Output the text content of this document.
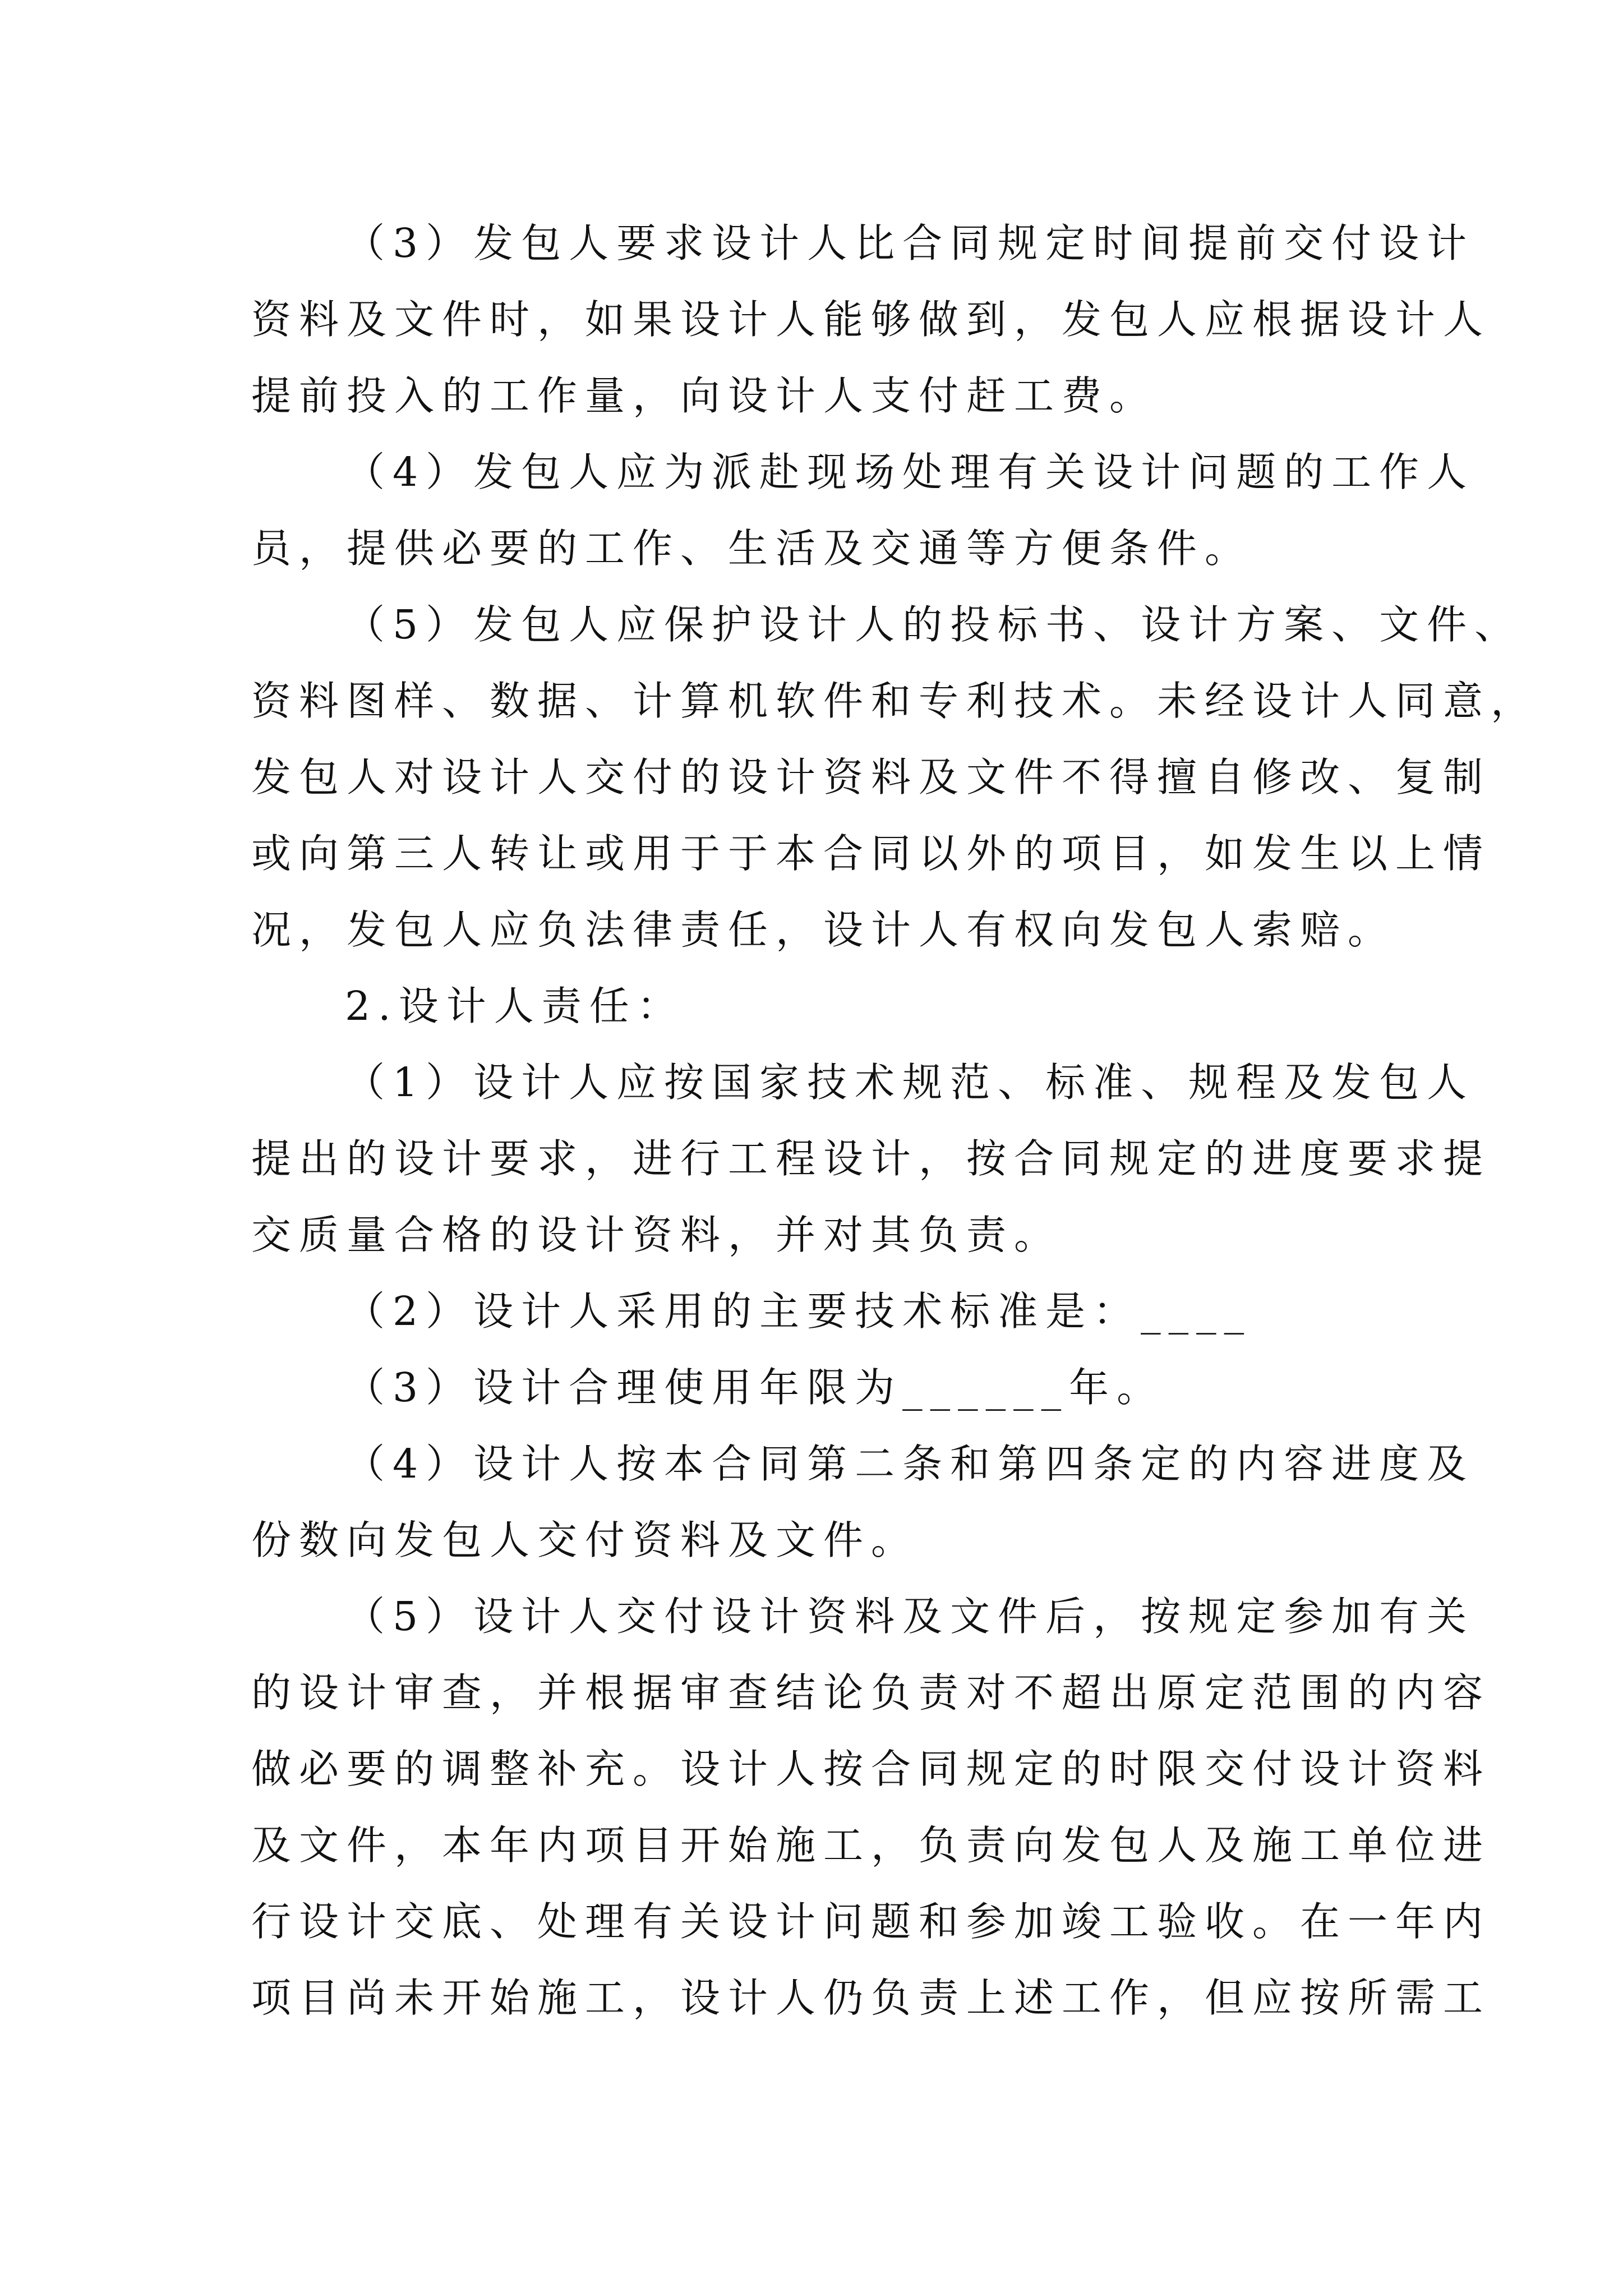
（3）发包人要求设计人比合同规定时间提前交付设计

资料及文件时，如果设计人能够做到，发包人应根据设计人

提前投入的工作量，向设计人支付赶工费。

（4）发包人应为派赴现场处理有关设计问题的工作人

员，提供必要的工作、生活及交通等方便条件。

（5）发包人应保护设计人的投标书、设计方案、文件、

资料图样、数据、计算机软件和专利技术。未经设计人同意，

发包人对设计人交付的设计资料及文件不得擅自修改、复制

或向第三人转让或用于于本合同以外的项目，如发生以上情

况，发包人应负法律责任，设计人有权向发包人索赔。

2.设计人责任：

（1）设计人应按国家技术规范、标准、规程及发包人

提出的设计要求，进行工程设计，按合同规定的进度要求提

交质量合格的设计资料，并对其负责。

（2）设计人采用的主要技术标准是：____

（3）设计合理使用年限为______年。

（4）设计人按本合同第二条和第四条定的内容进度及

份数向发包人交付资料及文件。

（5）设计人交付设计资料及文件后，按规定参加有关

的设计审查，并根据审查结论负责对不超出原定范围的内容

做必要的调整补充。设计人按合同规定的时限交付设计资料

及文件，本年内项目开始施工，负责向发包人及施工单位进

行设计交底、处理有关设计问题和参加竣工验收。在一年内

项目尚未开始施工，设计人仍负责上述工作，但应按所需工
